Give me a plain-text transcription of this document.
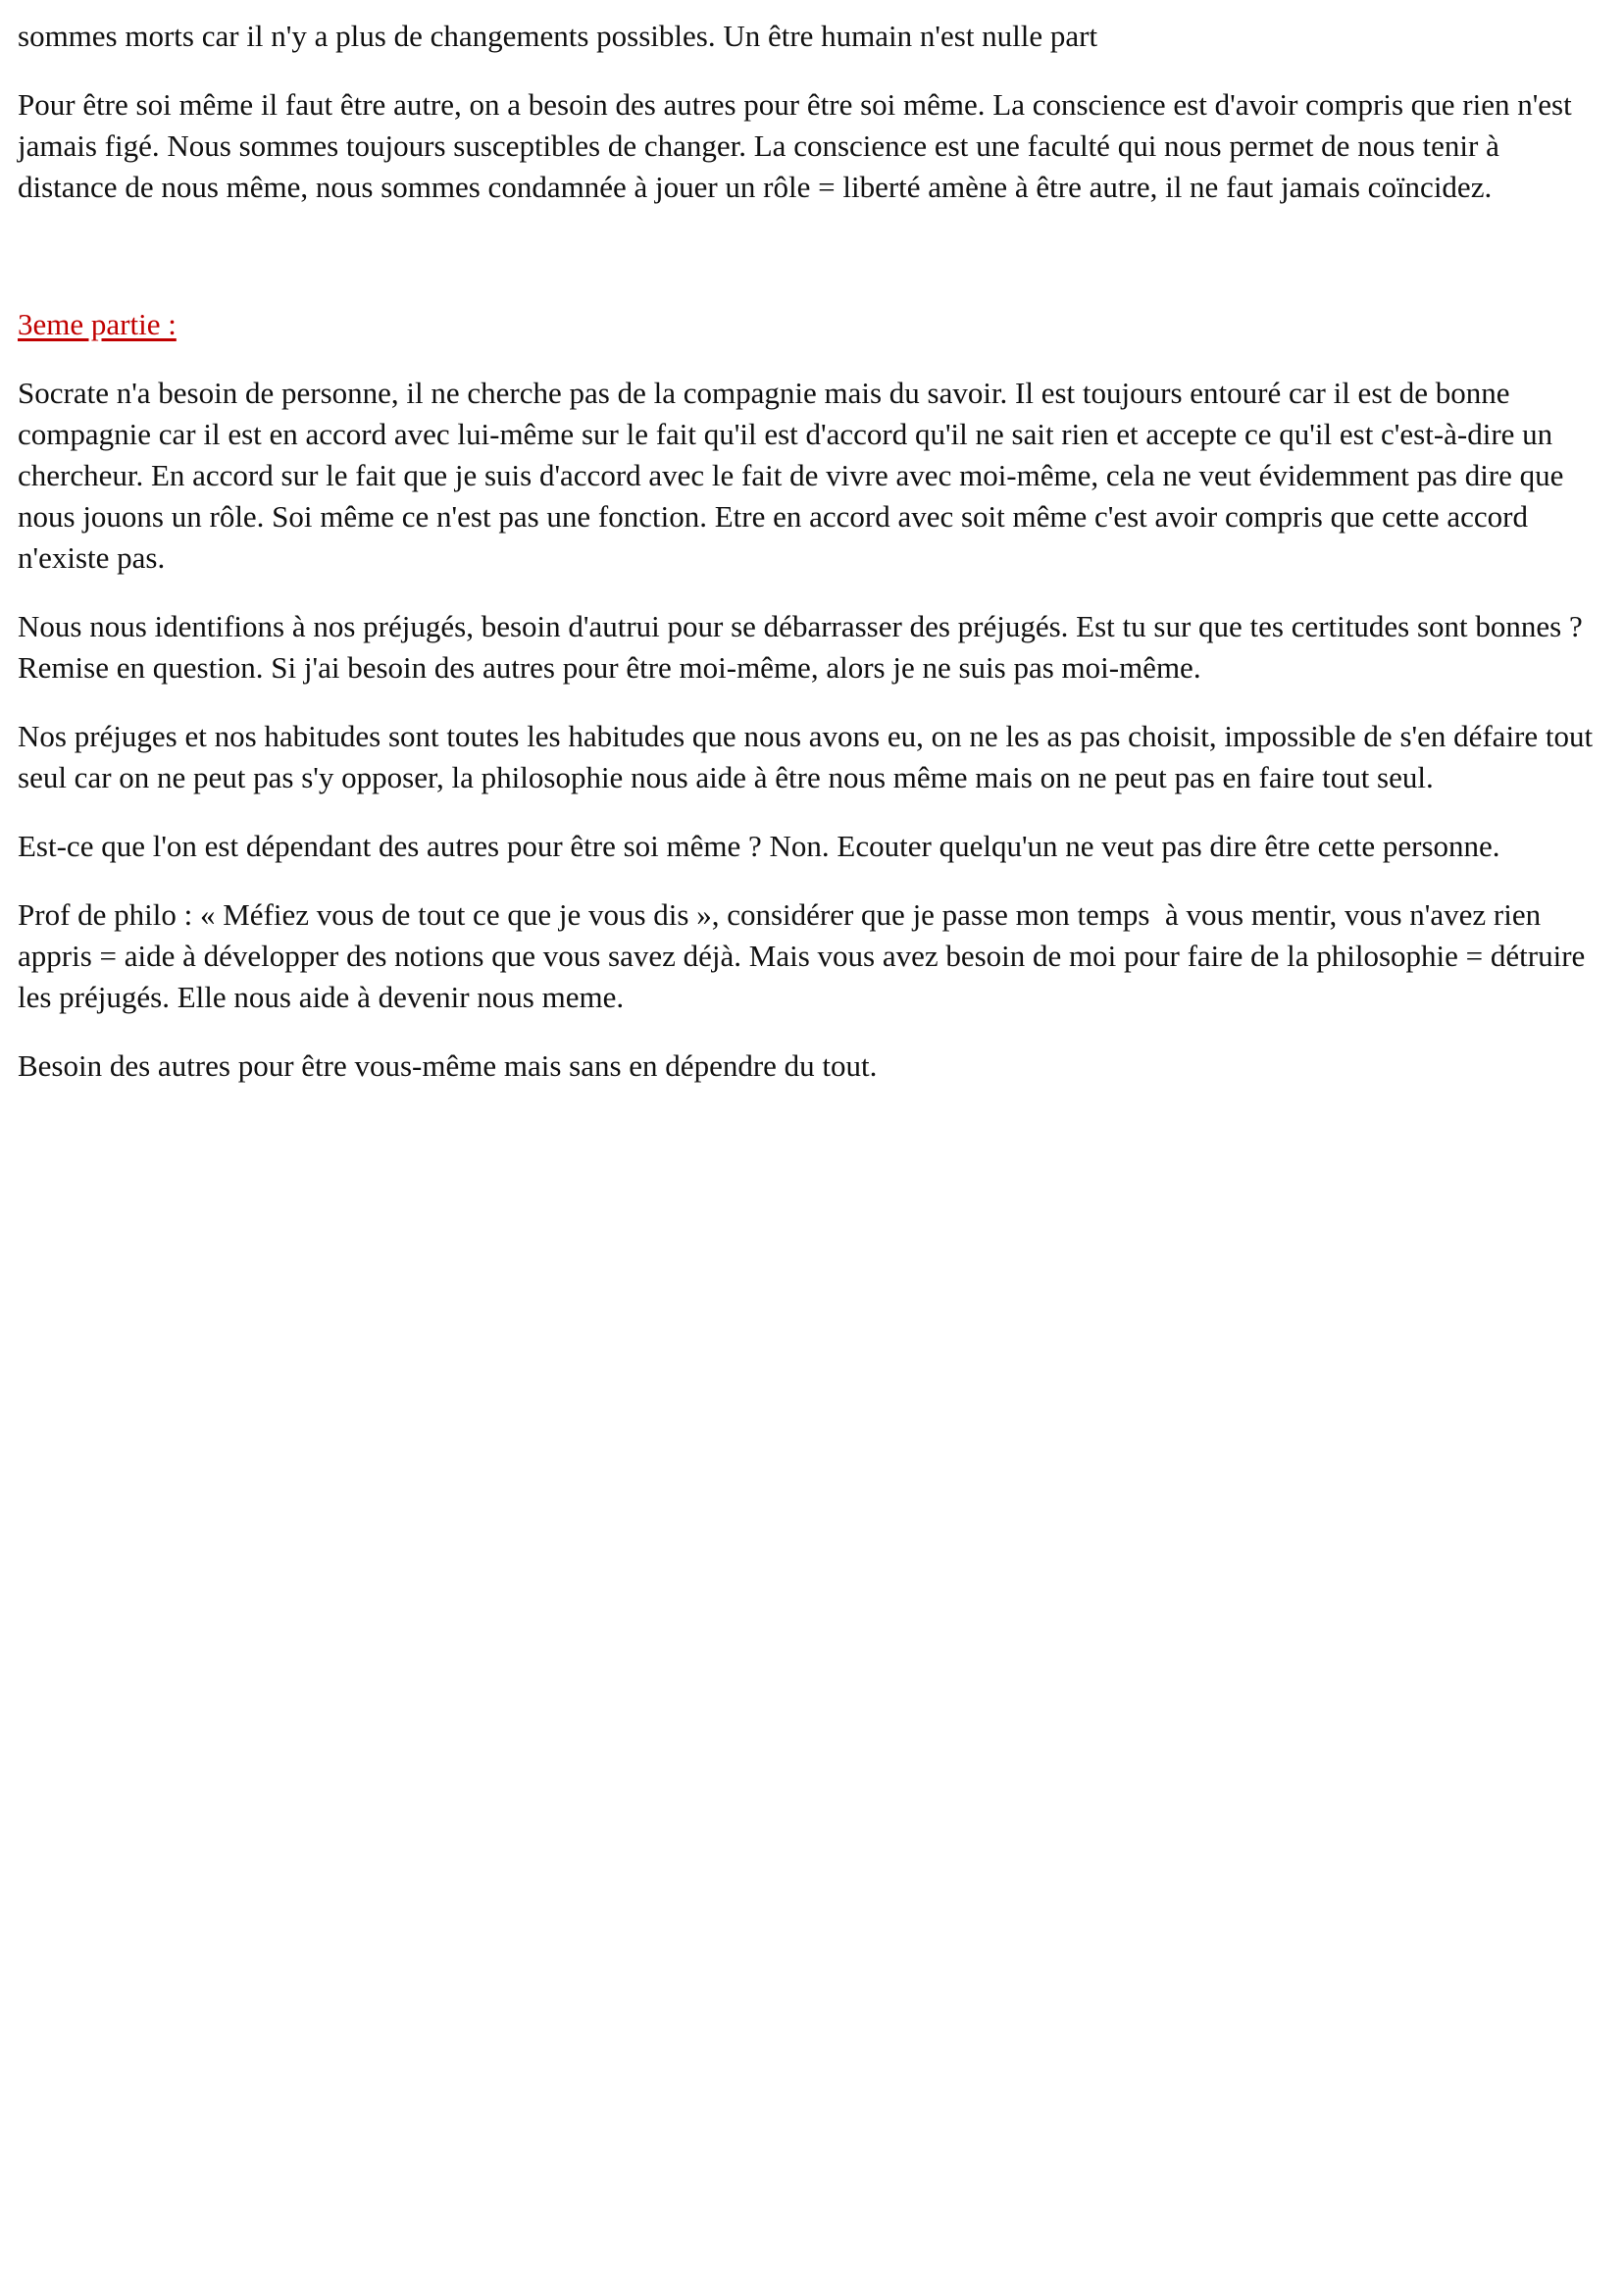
sommes morts car il n'y a plus de changements possibles. Un être humain n'est nulle part

Pour être soi même il faut être autre, on a besoin des autres pour être soi même. La conscience est d'avoir compris que rien n'est jamais figé. Nous sommes toujours susceptibles de changer. La conscience est une faculté qui nous permet de nous tenir à distance de nous même, nous sommes condamnée à jouer un rôle = liberté amène à être autre, il ne faut jamais coïncidez.

3eme partie :

Socrate n'a besoin de personne, il ne cherche pas de la compagnie mais du savoir. Il est toujours entouré car il est de bonne compagnie car il est en accord avec lui-même sur le fait qu'il est d'accord qu'il ne sait rien et accepte ce qu'il est c'est-à-dire un chercheur. En accord sur le fait que je suis d'accord avec le fait de vivre avec moi-même, cela ne veut évidemment pas dire que nous jouons un rôle. Soi même ce n'est pas une fonction. Etre en accord avec soit même c'est avoir compris que cette accord n'existe pas.

Nous nous identifions à nos préjugés, besoin d'autrui pour se débarrasser des préjugés. Est tu sur que tes certitudes sont bonnes ? Remise en question. Si j'ai besoin des autres pour être moi-même, alors je ne suis pas moi-même.

Nos préjuges et nos habitudes sont toutes les habitudes que nous avons eu, on ne les as pas choisit, impossible de s'en défaire tout seul car on ne peut pas s'y opposer, la philosophie nous aide à être nous même mais on ne peut pas en faire tout seul.

Est-ce que l'on est dépendant des autres pour être soi même ? Non. Ecouter quelqu'un ne veut pas dire être cette personne.

Prof de philo : « Méfiez vous de tout ce que je vous dis », considérer que je passe mon temps  à vous mentir, vous n'avez rien appris = aide à développer des notions que vous savez déjà. Mais vous avez besoin de moi pour faire de la philosophie = détruire les préjugés. Elle nous aide à devenir nous meme.

Besoin des autres pour être vous-même mais sans en dépendre du tout.
